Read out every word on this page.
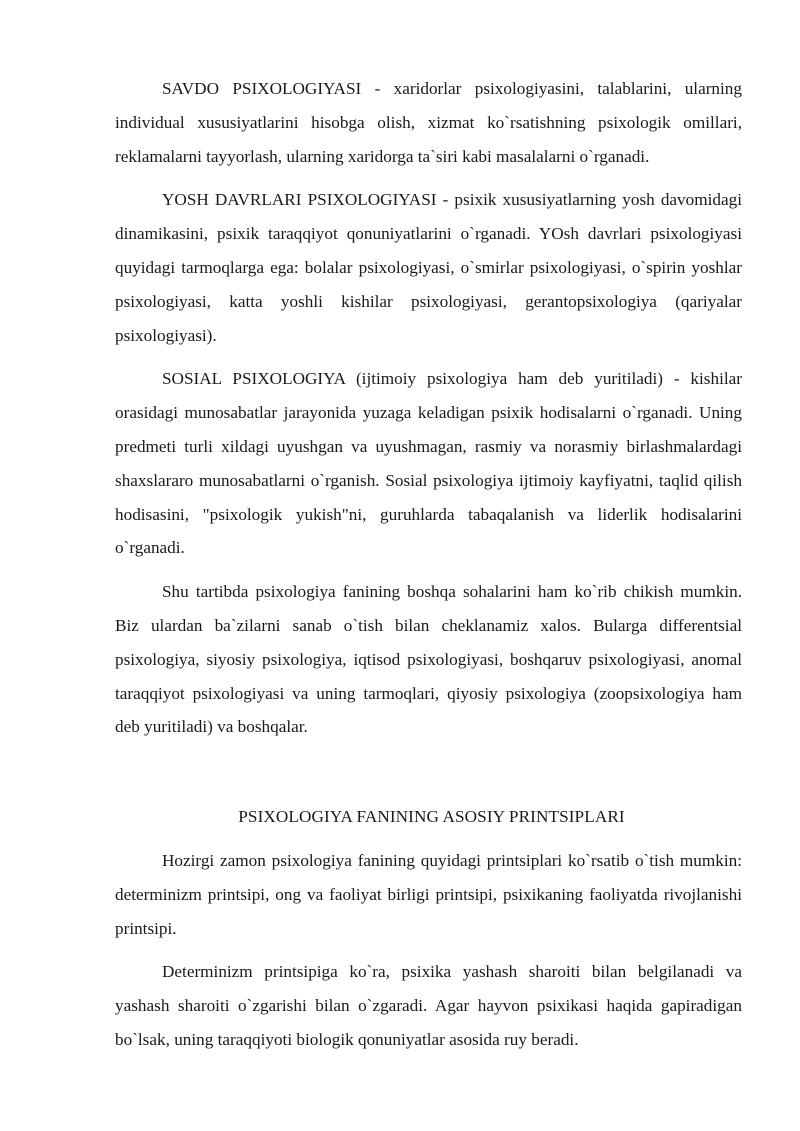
SAVDO PSIXOLOGIYASI - xaridorlar psixologiyasini, talablarini, ularning individual xususiyatlarini hisobga olish, xizmat ko`rsatishning psixologik omillari, reklamalarni tayyorlash, ularning xaridorga ta`siri kabi masalalarni o`rganadi.

YOSH DAVRLARI PSIXOLOGIYASI - psixik xususiyatlarning yosh davomidagi dinamikasini, psixik taraqqiyot qonuniyatlarini o`rganadi. YOsh davrlari psixologiyasi quyidagi tarmoqlarga ega: bolalar psixologiyasi, o`smirlar psixologiyasi, o`spirin yoshlar psixologiyasi, katta yoshli kishilar psixologiyasi, gerantopsixologiya (qariyalar psixologiyasi).

SOSIAL PSIXOLOGIYA (ijtimoiy psixologiya ham deb yuritiladi) - kishilar orasidagi munosabatlar jarayonida yuzaga keladigan psixik hodisalarni o`rganadi. Uning predmeti turli xildagi uyushgan va uyushmagan, rasmiy va norasmiy birlashmalardagi shaxslararo munosabatlarni o`rganish. Sosial psixologiya ijtimoiy kayfiyatni, taqlid qilish hodisasini, "psixologik yukish"ni, guruhlarda tabaqalanish va liderlik hodisalarini o`rganadi.

Shu tartibda psixologiya fanining boshqa sohalarini ham ko`rib chikish mumkin. Biz ulardan ba`zilarni sanab o`tish bilan cheklanamiz xalos. Bularga differentsial psixologiya, siyosiy psixologiya, iqtisod psixologiyasi, boshqaruv psixologiyasi, anomal taraqqiyot psixologiyasi va uning tarmoqlari, qiyosiy psixologiya (zoopsixologiya ham deb yuritiladi) va boshqalar.

PSIXOLOGIYA FANINING ASOSIY PRINTSIPLARI

Hozirgi zamon psixologiya fanining quyidagi printsiplari ko`rsatib o`tish mumkin: determinizm printsipi, ong va faoliyat birligi printsipi, psixikaning faoliyatda rivojlanishi printsipi.

Determinizm printsipiga ko`ra, psixika yashash sharoiti bilan belgilanadi va yashash sharoiti o`zgarishi bilan o`zgaradi. Agar hayvon psixikasi haqida gapiradigan bo`lsak, uning taraqqiyoti biologik qonuniyatlar asosida ruy beradi.
